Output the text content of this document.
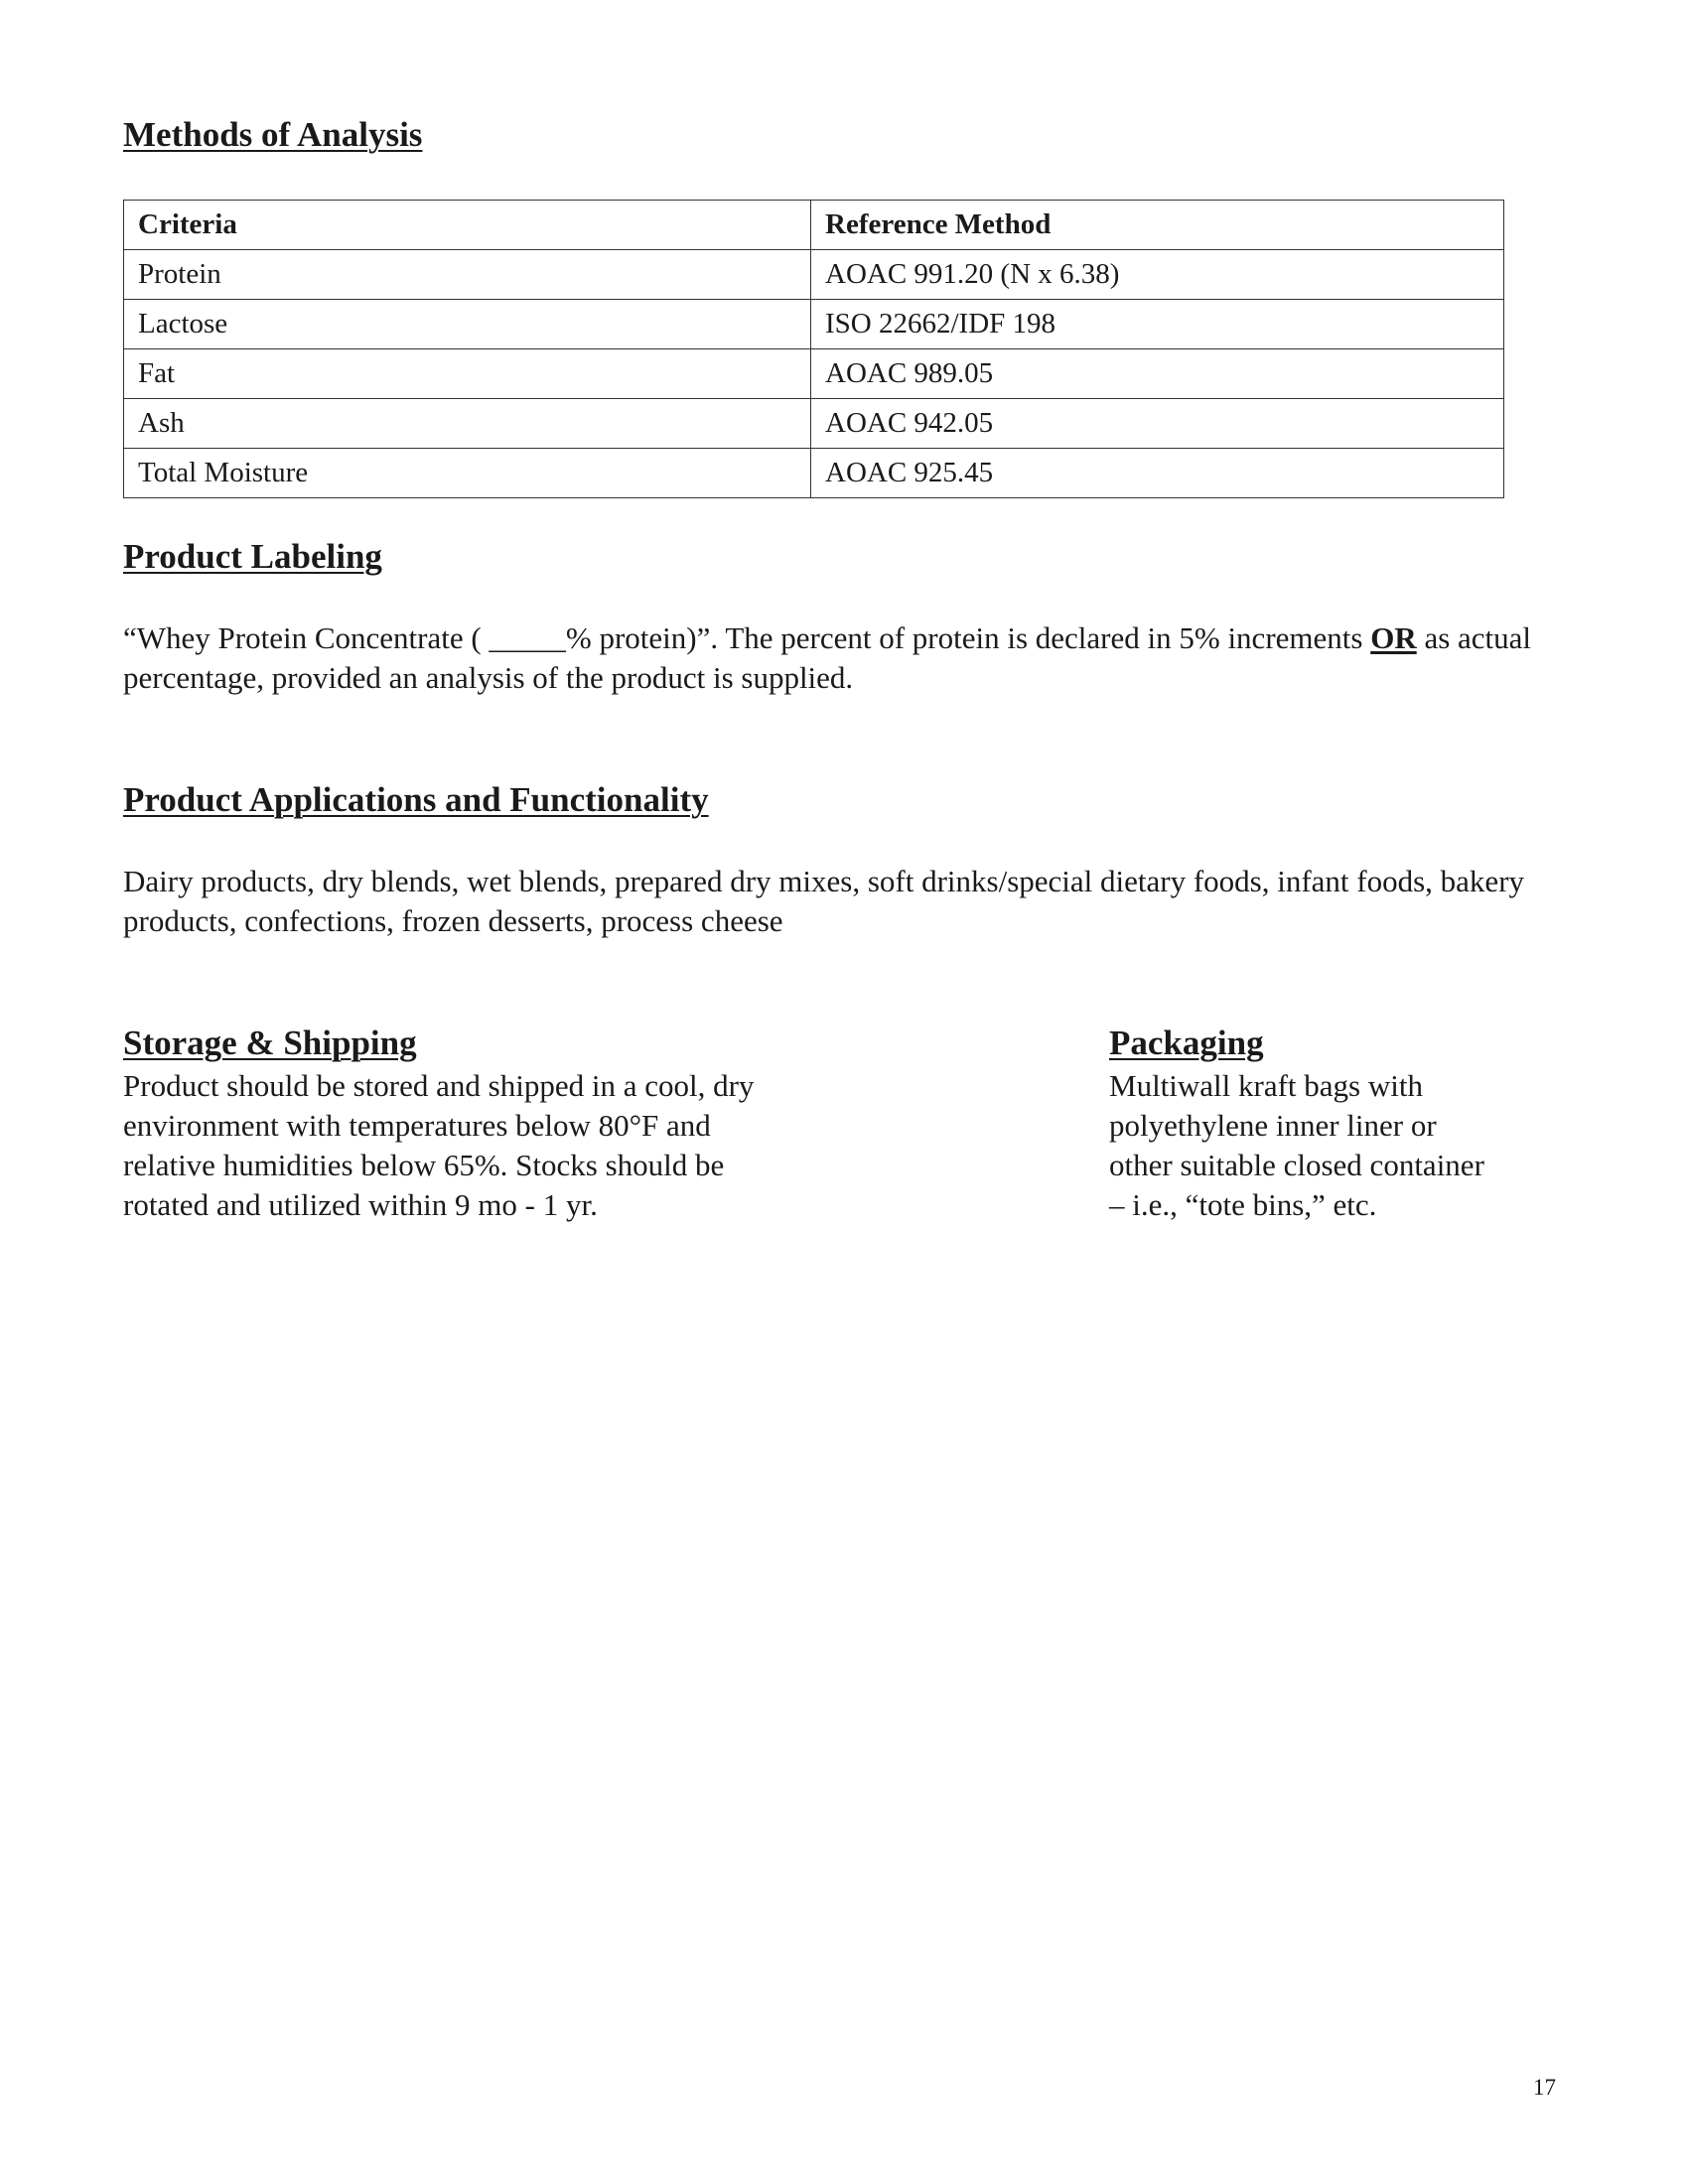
Methods of Analysis
Criteria	Reference Method
Protein	AOAC 991.20 (N x 6.38)
Lactose	ISO 22662/IDF 198
Fat	AOAC 989.05
Ash	AOAC 942.05
Total Moisture	AOAC 925.45
Product Labeling

“Whey Protein Concentrate ( _____% protein)”. The percent of protein is declared in 5% increments OR as actual percentage, provided an analysis of the product is supplied.

Product Applications and Functionality

Dairy products, dry blends, wet blends, prepared dry mixes, soft drinks/special dietary foods, infant foods, bakery products, confections, frozen desserts, process cheese

Storage & Shipping

Product should be stored and shipped in a cool, dry environment with temperatures below 80°F and relative humidities below 65%. Stocks should be rotated and utilized within 9 mo - 1 yr.

Packaging

Multiwall kraft bags with polyethylene inner liner or other suitable closed container – i.e., “tote bins,” etc.

17
